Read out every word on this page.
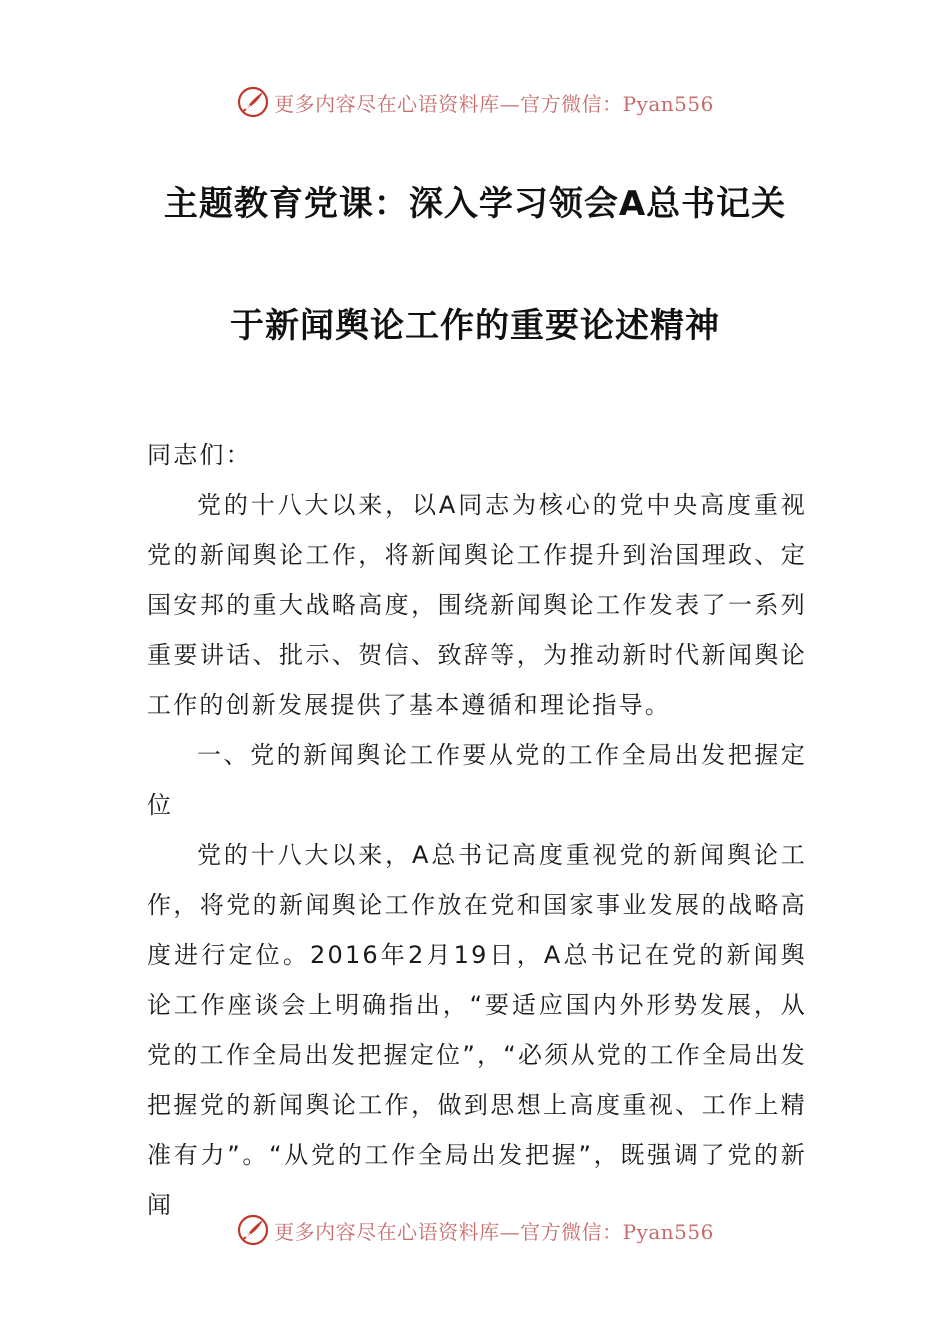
更多内容尽在心语资料库—官方微信：Pyan556
主题教育党课：深入学习领会A总书记关
于新闻舆论工作的重要论述精神

同志们：

党的十八大以来，以A同志为核心的党中央高度重视党的新闻舆论工作，将新闻舆论工作提升到治国理政、定国安邦的重大战略高度，围绕新闻舆论工作发表了一系列重要讲话、批示、贺信、致辞等，为推动新时代新闻舆论工作的创新发展提供了基本遵循和理论指导。

一、党的新闻舆论工作要从党的工作全局出发把握定位

党的十八大以来，A总书记高度重视党的新闻舆论工作，将党的新闻舆论工作放在党和国家事业发展的战略高度进行定位。2016年2月19日，A总书记在党的新闻舆论工作座谈会上明确指出，“要适应国内外形势发展，从党的工作全局出发把握定位”，“必须从党的工作全局出发把握党的新闻舆论工作，做到思想上高度重视、工作上精准有力”。“从党的工作全局出发把握”，既强调了党的新闻

更多内容尽在心语资料库—官方微信：Pyan556
